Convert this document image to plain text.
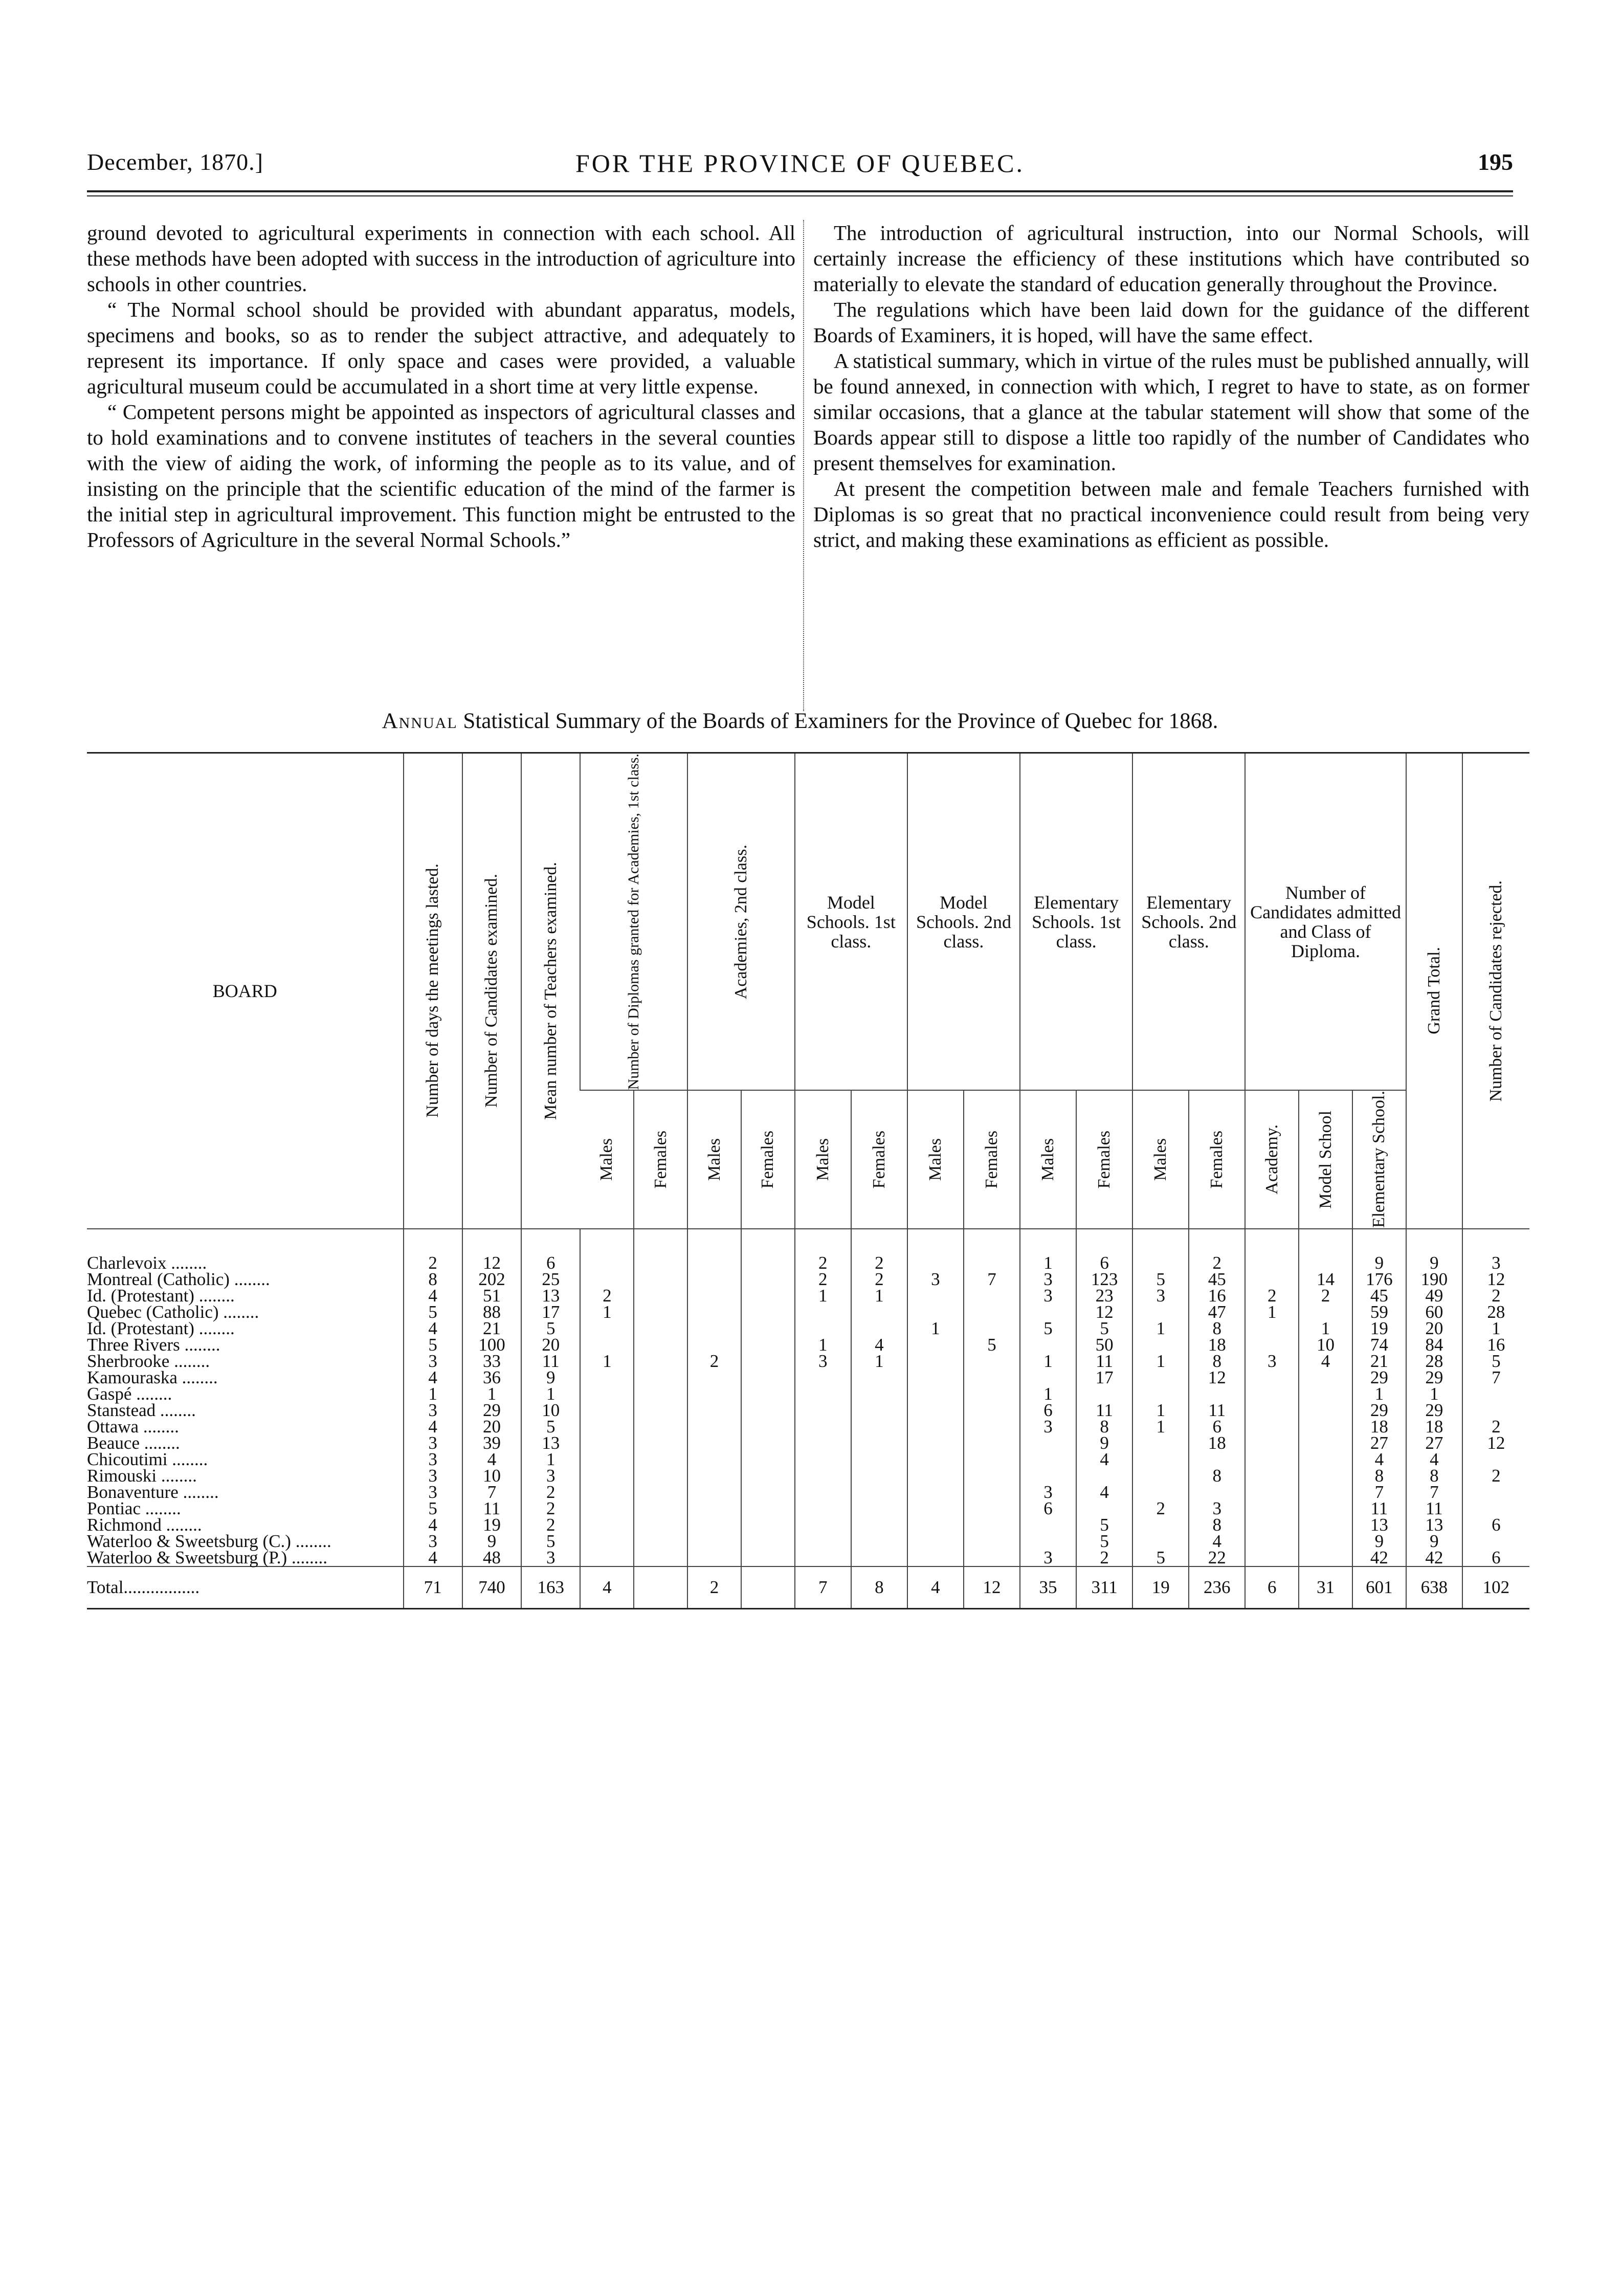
December, 1870.]	FOR THE PROVINCE OF QUEBEC.	195

ground devoted to agricultural experiments in connection with each school. All these methods have been adopted with success in the introduction of agriculture into schools in other countries.

“ The Normal school should be provided with abundant apparatus, models, specimens and books, so as to render the subject attractive, and adequately to represent its importance. If only space and cases were provided, a valuable agricultural museum could be accumulated in a short time at very little expense.

“ Competent persons might be appointed as inspectors of agricultural classes and to hold examinations and to convene institutes of teachers in the several counties with the view of aiding the work, of informing the people as to its value, and of insisting on the principle that the scientific education of the mind of the farmer is the initial step in agricultural improvement. This function might be entrusted to the Professors of Agriculture in the several Normal Schools.”

The introduction of agricultural instruction, into our Normal Schools, will certainly increase the efficiency of these institutions which have contributed so materially to elevate the standard of education generally throughout the Province.

The regulations which have been laid down for the guidance of the different Boards of Examiners, it is hoped, will have the same effect.

A statistical summary, which in virtue of the rules must be published annually, will be found annexed, in connection with which, I regret to have to state, as on former similar occasions, that a glance at the tabular statement will show that some of the Boards appear still to dispose a little too rapidly of the number of Candidates who present themselves for examination.

At present the competition between male and female Teachers furnished with Diplomas is so great that no practical inconvenience could result from being very strict, and making these examinations as efficient as possible.

Annual Statistical Summary of the Boards of Examiners for the Province of Quebec for 1868.
BOARD	Number of days the meetings lasted.	Number of Candidates examined.	Mean number of Teachers examined.	Number of Diplomas granted for Academies, 1st class.		Academies, 2nd class.		Model Schools. 1st class.		Model Schools. 2nd class.		Elementary Schools. 1st class.		Elementary Schools. 2nd class.		Number of Candidates admitted and Class of Diploma.			Grand Total.	Number of Candidates rejected.

				Males	Females	Males	Females	Males	Females	Males	Females	Males	Females	Males	Females	Academy.	Model School	Elementary School.		

Charlevoix ........	2	12	6					2	2			1	6		2			9	9	3
Montreal (Catholic) ........	8	202	25					2	2	3	7	3	123	5	45		14	176	190	12
Id. (Protestant) ........	4	51	13	2				1	1			3	23	3	16	2	2	45	49	2
Quebec (Catholic) ........	5	88	17	1									12		47	1		59	60	28
Id. (Protestant) ........	4	21	5							1		5	5	1	8		1	19	20	1
Three Rivers ........	5	100	20					1	4		5		50		18		10	74	84	16
Sherbrooke ........	3	33	11	1		2		3	1			1	11	1	8	3	4	21	28	5
Kamouraska ........	4	36	9										17		12			29	29	7
Gaspé ........	1	1	1									1						1	1	
Stanstead ........	3	29	10									6	11	1	11			29	29	
Ottawa ........	4	20	5									3	8	1	6			18	18	2
Beauce ........	3	39	13										9		18			27	27	12
Chicoutimi ........	3	4	1										4					4	4	
Rimouski ........	3	10	3												8			8	8	2
Bonaventure ........	3	7	2									3	4					7	7	
Pontiac ........	5	11	2									6		2	3			11	11	
Richmond ........	4	19	2										5		8			13	13	6
Waterloo & Sweetsburg (C.) ........	3	9	5										5		4			9	9	
Waterloo & Sweetsburg (P.) ........	4	48	3									3	2	5	22			42	42	6
Total.................	71	740	163	4		2		7	8	4	12	35	311	19	236	6	31	601	638	102
